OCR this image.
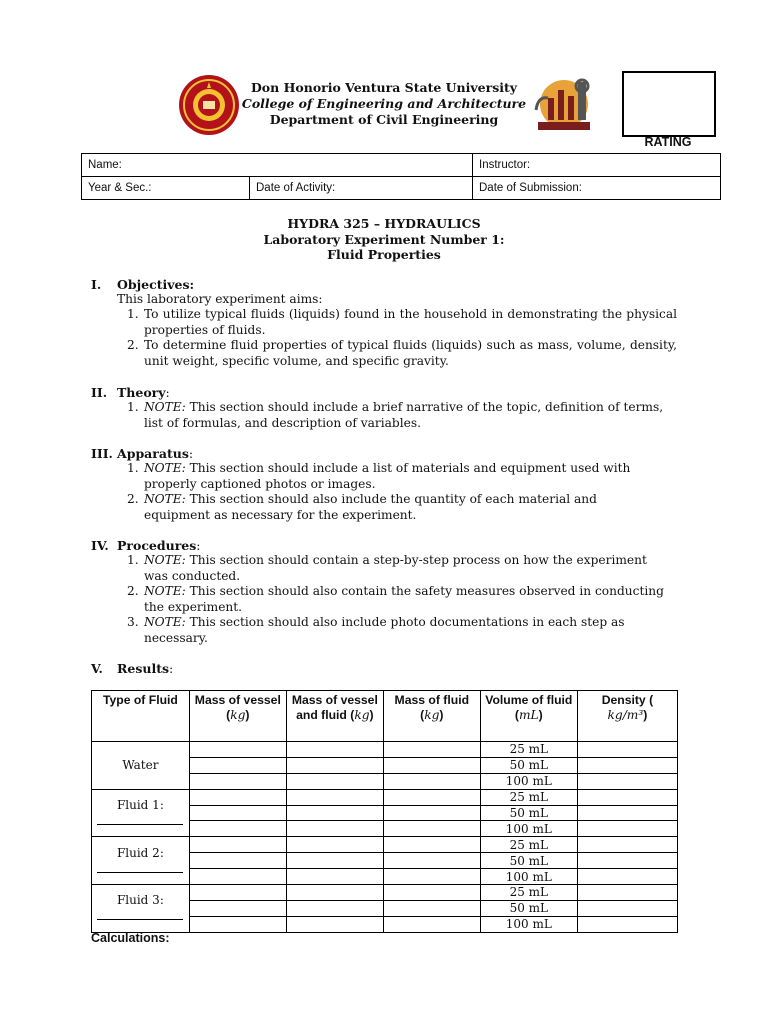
Don Honorio Ventura State University
College of Engineering and Architecture
Department of Civil Engineering
RATING
Name:		Instructor:
Year & Sec.:	Date of Activity:	Date of Submission:
HYDRA 325 – HYDRAULICS
Laboratory Experiment Number 1:
Fluid Properties
I. Objectives:
This laboratory experiment aims:
1. To utilize typical fluids (liquids) found in the household in demonstrating the physical properties of fluids.
2. To determine fluid properties of typical fluids (liquids) such as mass, volume, density, unit weight, specific volume, and specific gravity.
II. Theory:
1. NOTE: This section should include a brief narrative of the topic, definition of terms, list of formulas, and description of variables.
III. Apparatus:
1. NOTE: This section should include a list of materials and equipment used with properly captioned photos or images.
2. NOTE: This section should also include the quantity of each material and equipment as necessary for the experiment.
IV. Procedures:
1. NOTE: This section should contain a step-by-step process on how the experiment was conducted.
2. NOTE: This section should also contain the safety measures observed in conducting the experiment.
3. NOTE: This section should also include photo documentations in each step as necessary.
V. Results:
Type of Fluid	Mass of vessel (kg)	Mass of vessel and fluid (kg)	Mass of fluid (kg)	Volume of fluid (mL)	Density (
kg/m³)

Water				25 mL	
				50 mL	
				100 mL	

Fluid 1:				25 mL	
				50 mL	
				100 mL	

Fluid 2:				25 mL	
				50 mL	
				100 mL	

Fluid 3:				25 mL	
				50 mL	
				100 mL	
Calculations:
